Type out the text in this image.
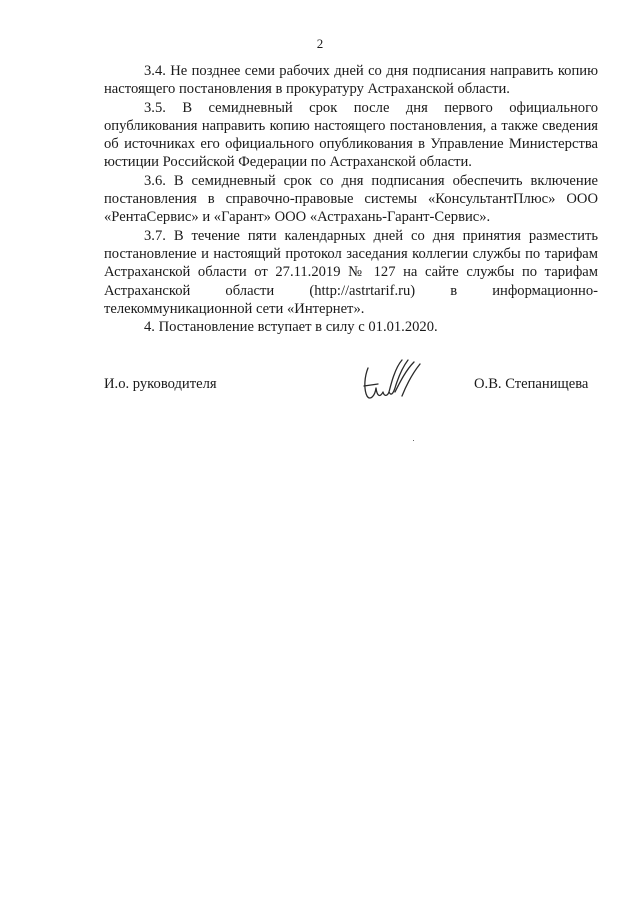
2

3.4. Не позднее семи рабочих дней со дня подписания направить копию настоящего постановления в прокуратуру Астраханской области.

3.5. В семидневный срок после дня первого официального опубликования направить копию настоящего постановления, а также сведения об источниках его официального опубликования в Управление Министерства юстиции Российской Федерации по Астраханской области.

3.6. В семидневный срок со дня подписания обеспечить включение постановления в справочно-правовые системы «КонсультантПлюс» ООО «РентаСервис» и «Гарант» ООО «Астрахань-Гарант-Сервис».

3.7. В течение пяти календарных дней со дня принятия разместить постановление и настоящий протокол заседания коллегии службы по тарифам Астраханской области от 27.11.2019 № 127 на сайте службы по тарифам Астраханской области (http://astrtarif.ru) в информационно-телекоммуникационной сети «Интернет».

4. Постановление вступает в силу с 01.01.2020.

И.о. руководителя	О.В. Степанищева
